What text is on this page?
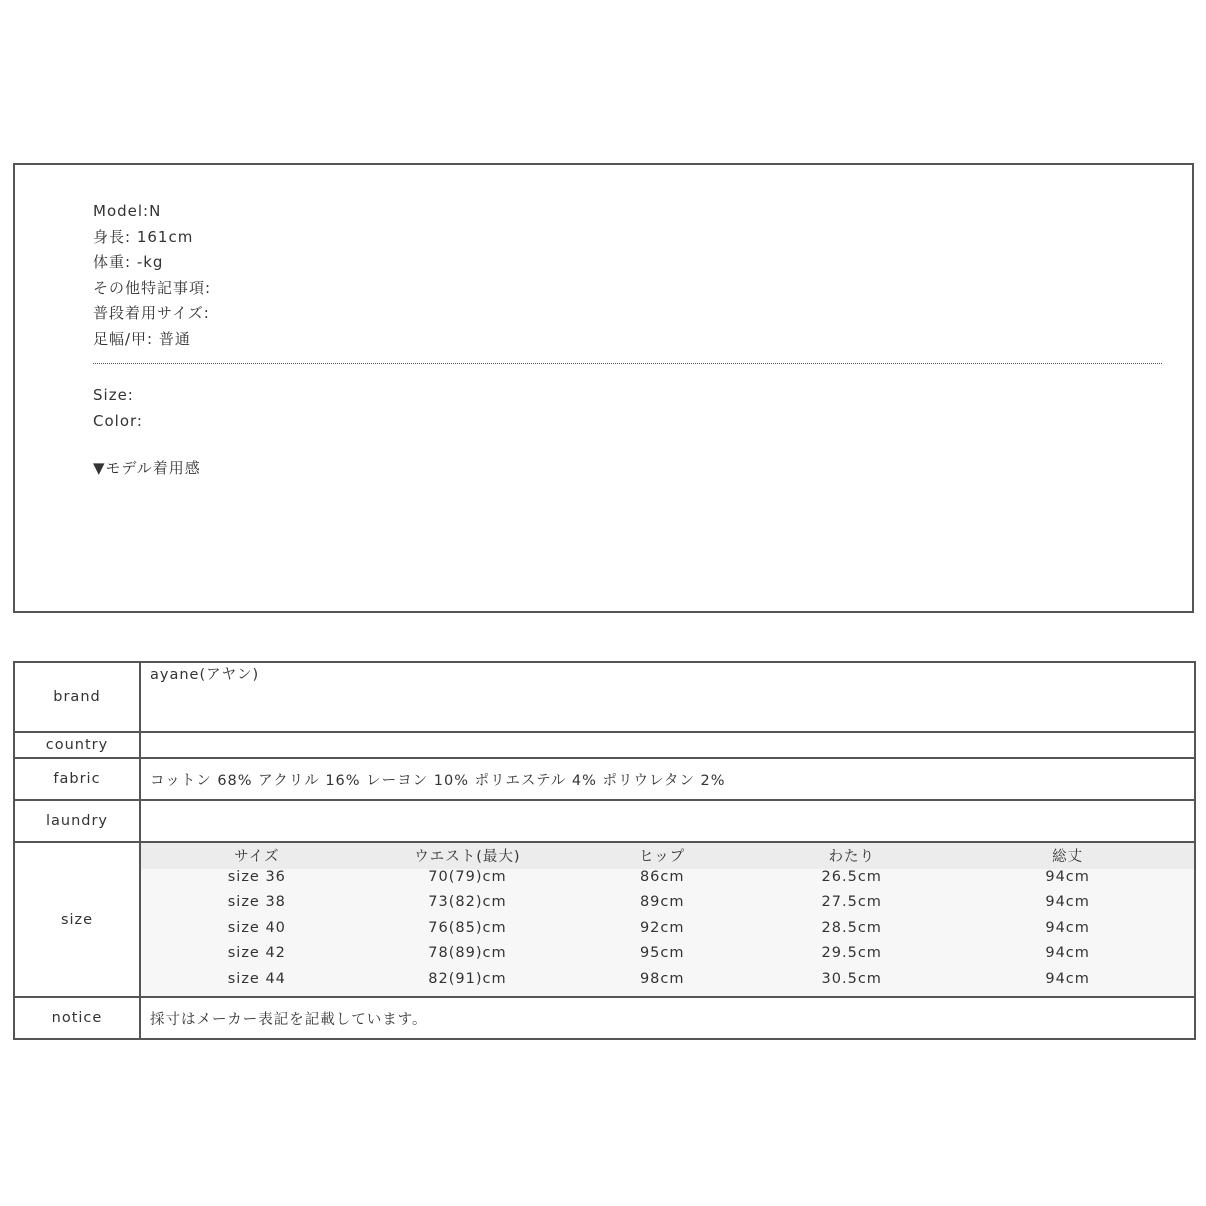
Model:N
身長: 161cm
体重: -kg
その他特記事項:
普段着用サイズ:
足幅/甲: 普通
Size:
Color:
▼モデル着用感
brand	ayane(アヤン)
country	
fabric	コットン 68% アクリル 16% レーヨン 10% ポリエステル 4% ポリウレタン 2%
laundry	
size	
サイズ	ウエスト(最大)	ヒップ	わたり	総丈
size 36	70(79)cm	86cm	26.5cm	94cm
size 38	73(82)cm	89cm	27.5cm	94cm
size 40	76(85)cm	92cm	28.5cm	94cm
size 42	78(89)cm	95cm	29.5cm	94cm
size 44	82(91)cm	98cm	30.5cm	94cm

notice	採寸はメーカー表記を記載しています。
